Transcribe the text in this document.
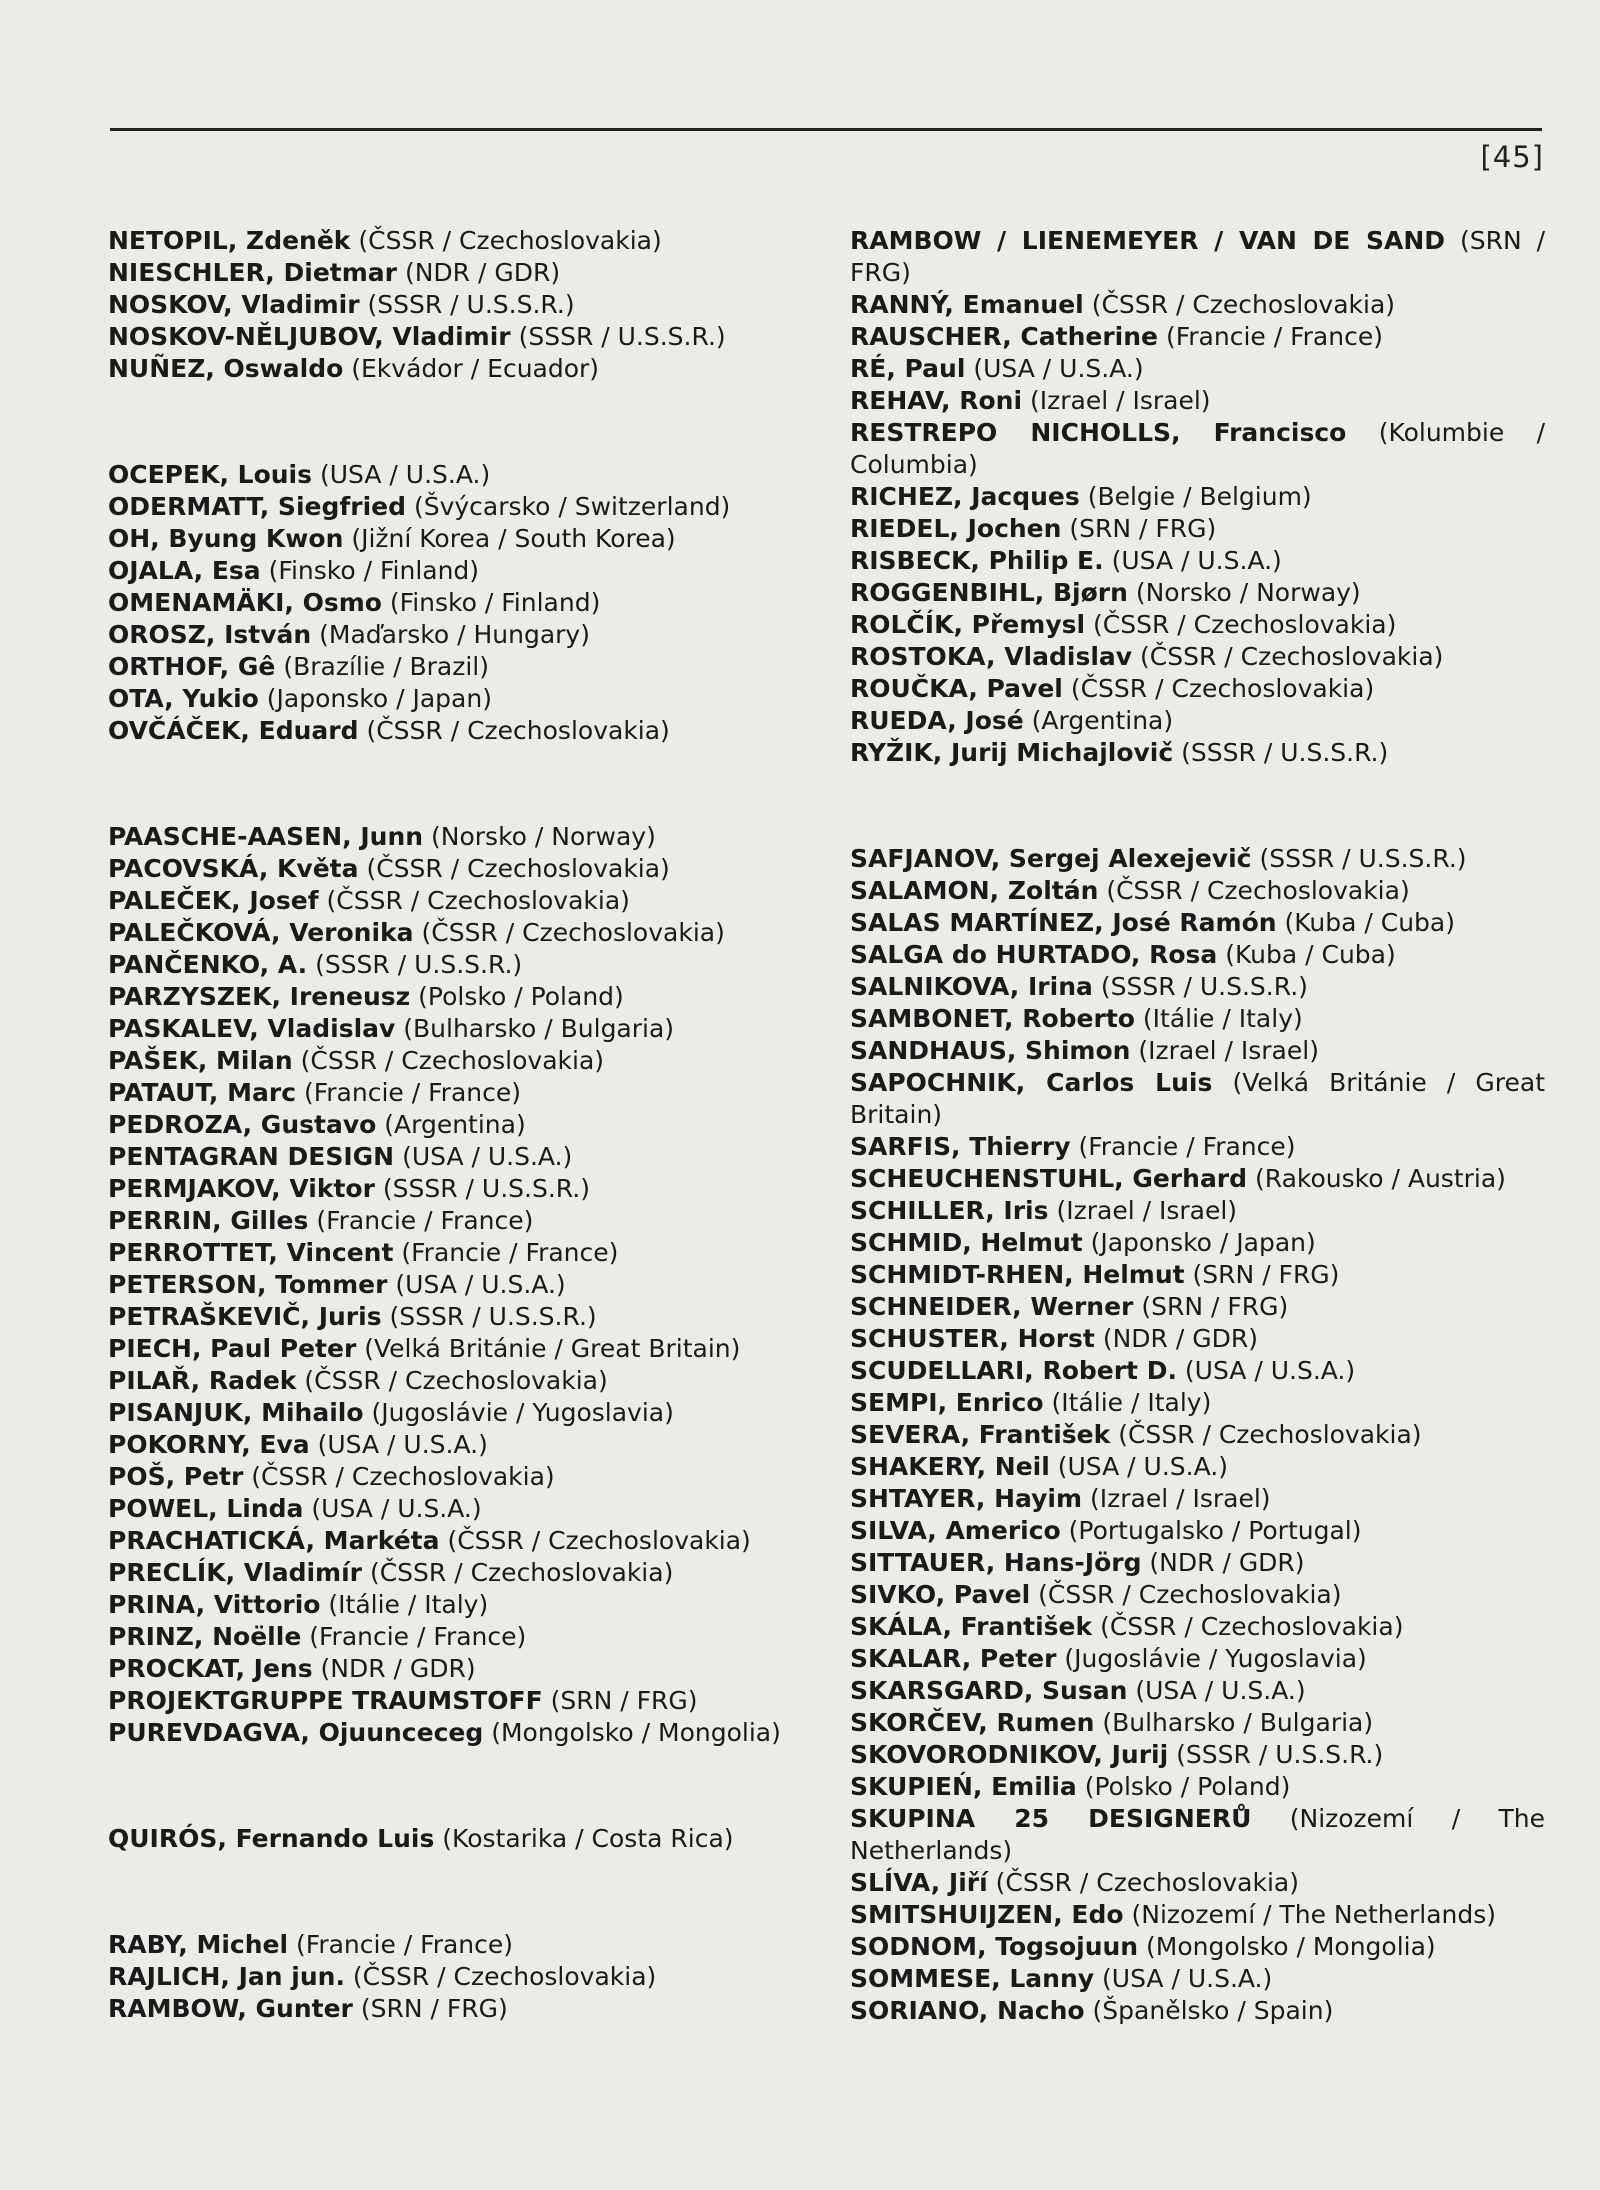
[45]
NETOPIL, Zdeněk (ČSSR / Czechoslovakia)
NIESCHLER, Dietmar (NDR / GDR)
NOSKOV, Vladimir (SSSR / U.S.S.R.)
NOSKOV-NĚLJUBOV, Vladimir (SSSR / U.S.S.R.)
NUÑEZ, Oswaldo (Ekvádor / Ecuador)
OCEPEK, Louis (USA / U.S.A.)
ODERMATT, Siegfried (Švýcarsko / Switzerland)
OH, Byung Kwon (Jižní Korea / South Korea)
OJALA, Esa (Finsko / Finland)
OMENAMÄKI, Osmo (Finsko / Finland)
OROSZ, István (Maďarsko / Hungary)
ORTHOF, Gê (Brazílie / Brazil)
OTA, Yukio (Japonsko / Japan)
OVČÁČEK, Eduard (ČSSR / Czechoslovakia)
PAASCHE-AASEN, Junn (Norsko / Norway)
PACOVSKÁ, Květa (ČSSR / Czechoslovakia)
PALEČEK, Josef (ČSSR / Czechoslovakia)
PALEČKOVÁ, Veronika (ČSSR / Czechoslovakia)
PANČENKO, A. (SSSR / U.S.S.R.)
PARZYSZEK, Ireneusz (Polsko / Poland)
PASKALEV, Vladislav (Bulharsko / Bulgaria)
PAŠEK, Milan (ČSSR / Czechoslovakia)
PATAUT, Marc (Francie / France)
PEDROZA, Gustavo (Argentina)
PENTAGRAN DESIGN (USA / U.S.A.)
PERMJAKOV, Viktor (SSSR / U.S.S.R.)
PERRIN, Gilles (Francie / France)
PERROTTET, Vincent (Francie / France)
PETERSON, Tommer (USA / U.S.A.)
PETRAŠKEVIČ, Juris (SSSR / U.S.S.R.)
PIECH, Paul Peter (Velká Británie / Great Britain)
PILAŘ, Radek (ČSSR / Czechoslovakia)
PISANJUK, Mihailo (Jugoslávie / Yugoslavia)
POKORNY, Eva (USA / U.S.A.)
POŠ, Petr (ČSSR / Czechoslovakia)
POWEL, Linda (USA / U.S.A.)
PRACHATICKÁ, Markéta (ČSSR / Czechoslovakia)
PRECLÍK, Vladimír (ČSSR / Czechoslovakia)
PRINA, Vittorio (Itálie / Italy)
PRINZ, Noëlle (Francie / France)
PROCKAT, Jens (NDR / GDR)
PROJEKTGRUPPE TRAUMSTOFF (SRN / FRG)
PUREVDAGVA, Ojuunceceg (Mongolsko / Mongolia)
QUIRÓS, Fernando Luis (Kostarika / Costa Rica)
RABY, Michel (Francie / France)
RAJLICH, Jan jun. (ČSSR / Czechoslovakia)
RAMBOW, Gunter (SRN / FRG)
RAMBOW / LIENEMEYER / VAN DE SAND (SRN / FRG)
RANNÝ, Emanuel (ČSSR / Czechoslovakia)
RAUSCHER, Catherine (Francie / France)
RÉ, Paul (USA / U.S.A.)
REHAV, Roni (Izrael / Israel)
RESTREPO NICHOLLS, Francisco (Kolumbie / Columbia)
RICHEZ, Jacques (Belgie / Belgium)
RIEDEL, Jochen (SRN / FRG)
RISBECK, Philip E. (USA / U.S.A.)
ROGGENBIHL, Bjørn (Norsko / Norway)
ROLČÍK, Přemysl (ČSSR / Czechoslovakia)
ROSTOKA, Vladislav (ČSSR / Czechoslovakia)
ROUČKA, Pavel (ČSSR / Czechoslovakia)
RUEDA, José (Argentina)
RYŽIK, Jurij Michajlovič (SSSR / U.S.S.R.)
SAFJANOV, Sergej Alexejevič (SSSR / U.S.S.R.)
SALAMON, Zoltán (ČSSR / Czechoslovakia)
SALAS MARTÍNEZ, José Ramón (Kuba / Cuba)
SALGA do HURTADO, Rosa (Kuba / Cuba)
SALNIKOVA, Irina (SSSR / U.S.S.R.)
SAMBONET, Roberto (Itálie / Italy)
SANDHAUS, Shimon (Izrael / Israel)
SAPOCHNIK, Carlos Luis (Velká Británie / Great Britain)
SARFIS, Thierry (Francie / France)
SCHEUCHENSTUHL, Gerhard (Rakousko / Austria)
SCHILLER, Iris (Izrael / Israel)
SCHMID, Helmut (Japonsko / Japan)
SCHMIDT-RHEN, Helmut (SRN / FRG)
SCHNEIDER, Werner (SRN / FRG)
SCHUSTER, Horst (NDR / GDR)
SCUDELLARI, Robert D. (USA / U.S.A.)
SEMPI, Enrico (Itálie / Italy)
SEVERA, František (ČSSR / Czechoslovakia)
SHAKERY, Neil (USA / U.S.A.)
SHTAYER, Hayim (Izrael / Israel)
SILVA, Americo (Portugalsko / Portugal)
SITTAUER, Hans-Jörg (NDR / GDR)
SIVKO, Pavel (ČSSR / Czechoslovakia)
SKÁLA, František (ČSSR / Czechoslovakia)
SKALAR, Peter (Jugoslávie / Yugoslavia)
SKARSGARD, Susan (USA / U.S.A.)
SKORČEV, Rumen (Bulharsko / Bulgaria)
SKOVORODNIKOV, Jurij (SSSR / U.S.S.R.)
SKUPIEŃ, Emilia (Polsko / Poland)
SKUPINA 25 DESIGNERŮ (Nizozemí / The Netherlands)
SLÍVA, Jiří (ČSSR / Czechoslovakia)
SMITSHUIJZEN, Edo (Nizozemí / The Netherlands)
SODNOM, Togsojuun (Mongolsko / Mongolia)
SOMMESE, Lanny (USA / U.S.A.)
SORIANO, Nacho (Španělsko / Spain)
